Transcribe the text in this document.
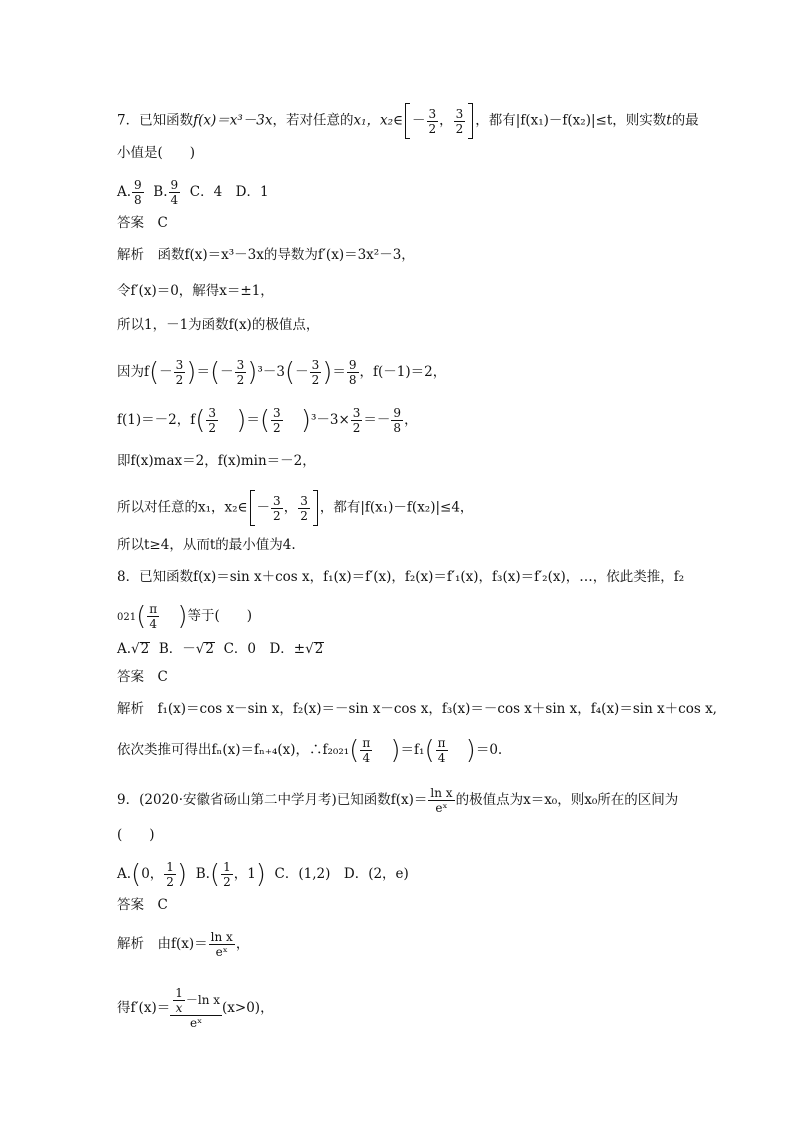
7．已知函数f(x)＝x³－3x，若对任意的x₁，x₂∈ － $\frac{3}{2}$ ， $\frac{3}{2}$ ，都有|f(x₁)－f(x₂)|≤t，则实数t的最
小值是(　　)
A. $\frac{9}{8} B$. $\frac{9}{4}$ C．4　D．1
答案　C
解析　函数f(x)＝x³－3x的导数为f′(x)＝3x²－3，
令f′(x)＝0，解得x＝±1，
所以1，－1为函数f(x)的极值点，
因为$f(- \frac{3}{2}$ )＝(－ $\frac{3}{2} )^3-3(- \frac{3}{2}$ )＝ $\frac{9}{8}$ ，f(－1)＝2，
f(1)＝－2，$f( \frac{3}{2}$ )＝( $\frac{3}{2} )^3-3\times \frac{3}{2} =- \frac{9}{8}$ ，
即f(x)max＝2，f(x)min＝－2，
所以对任意的x₁，x₂∈ － $\frac{3}{2}$ ， $\frac{3}{2}$ ，都有|f(x₁)－f(x₂)|≤4，
所以t≥4，从而t的最小值为4.
8．已知函数f(x)＝sin x＋cos x，f₁(x)＝f′(x)，f₂(x)＝f′₁(x)，f₃(x)＝f′₂(x)，…，依此类推，f₂
$021( \frac{\pi}{4}$ )等于(　　)
A.√2 B．－√2 C．0　D．±√2
答案　C
解析　f₁(x)＝cos x－sin x，f₂(x)＝－sin x－cos x，f₃(x)＝－cos x＋sin x，f₄(x)＝sin x＋cos x,
依次类推可得出fₙ(x)＝fₙ₊₄(x)，∴f₂₀₂₁( $\frac{\pi}{4} )=f_1( \frac{\pi}{4} )=0$.
9．(2020·安徽省砀山第二中学月考)已知函数$f(x)= \frac{\text{ln x}}{\text{eˣ}}$ 的极值点为x＝x₀，则x₀所在的区间为
(　　)
A.(0， $\frac{1}{2}$ ) $B.( \frac{1}{2}$ ，1) C．(1,2)　D．(2，e)
答案　C
解析　由$f(x)= \frac{\text{ln x}}{\text{eˣ}}$ ，
得$f'(x)= \frac{\frac{1}{x} -\ln x}{\text{eˣ}} (x>0)$，
